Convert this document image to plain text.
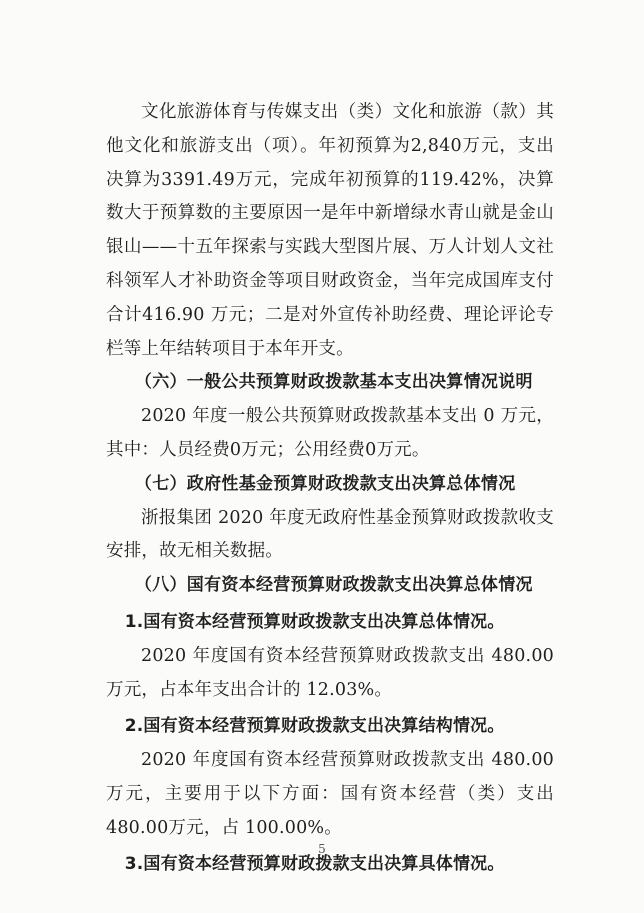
文化旅游体育与传媒支出（类）文化和旅游（款）其他文化和旅游支出（项）。年初预算为2,840万元，支出决算为3391.49万元，完成年初预算的119.42%，决算数大于预算数的主要原因一是年中新增绿水青山就是金山银山——十五年探索与实践大型图片展、万人计划人文社科领军人才补助资金等项目财政资金，当年完成国库支付合计416.90 万元；二是对外宣传补助经费、理论评论专栏等上年结转项目于本年开支。

（六）一般公共预算财政拨款基本支出决算情况说明

2020 年度一般公共预算财政拨款基本支出 0 万元，其中：人员经费0万元；公用经费0万元。

（七）政府性基金预算财政拨款支出决算总体情况

浙报集团 2020 年度无政府性基金预算财政拨款收支安排，故无相关数据。

（八）国有资本经营预算财政拨款支出决算总体情况

1.国有资本经营预算财政拨款支出决算总体情况。

2020 年度国有资本经营预算财政拨款支出 480.00 万元，占本年支出合计的 12.03%。

2.国有资本经营预算财政拨款支出决算结构情况。

2020 年度国有资本经营预算财政拨款支出 480.00 万元，主要用于以下方面：国有资本经营（类）支出480.00万元，占 100.00%。

3.国有资本经营预算财政拨款支出决算具体情况。

5
